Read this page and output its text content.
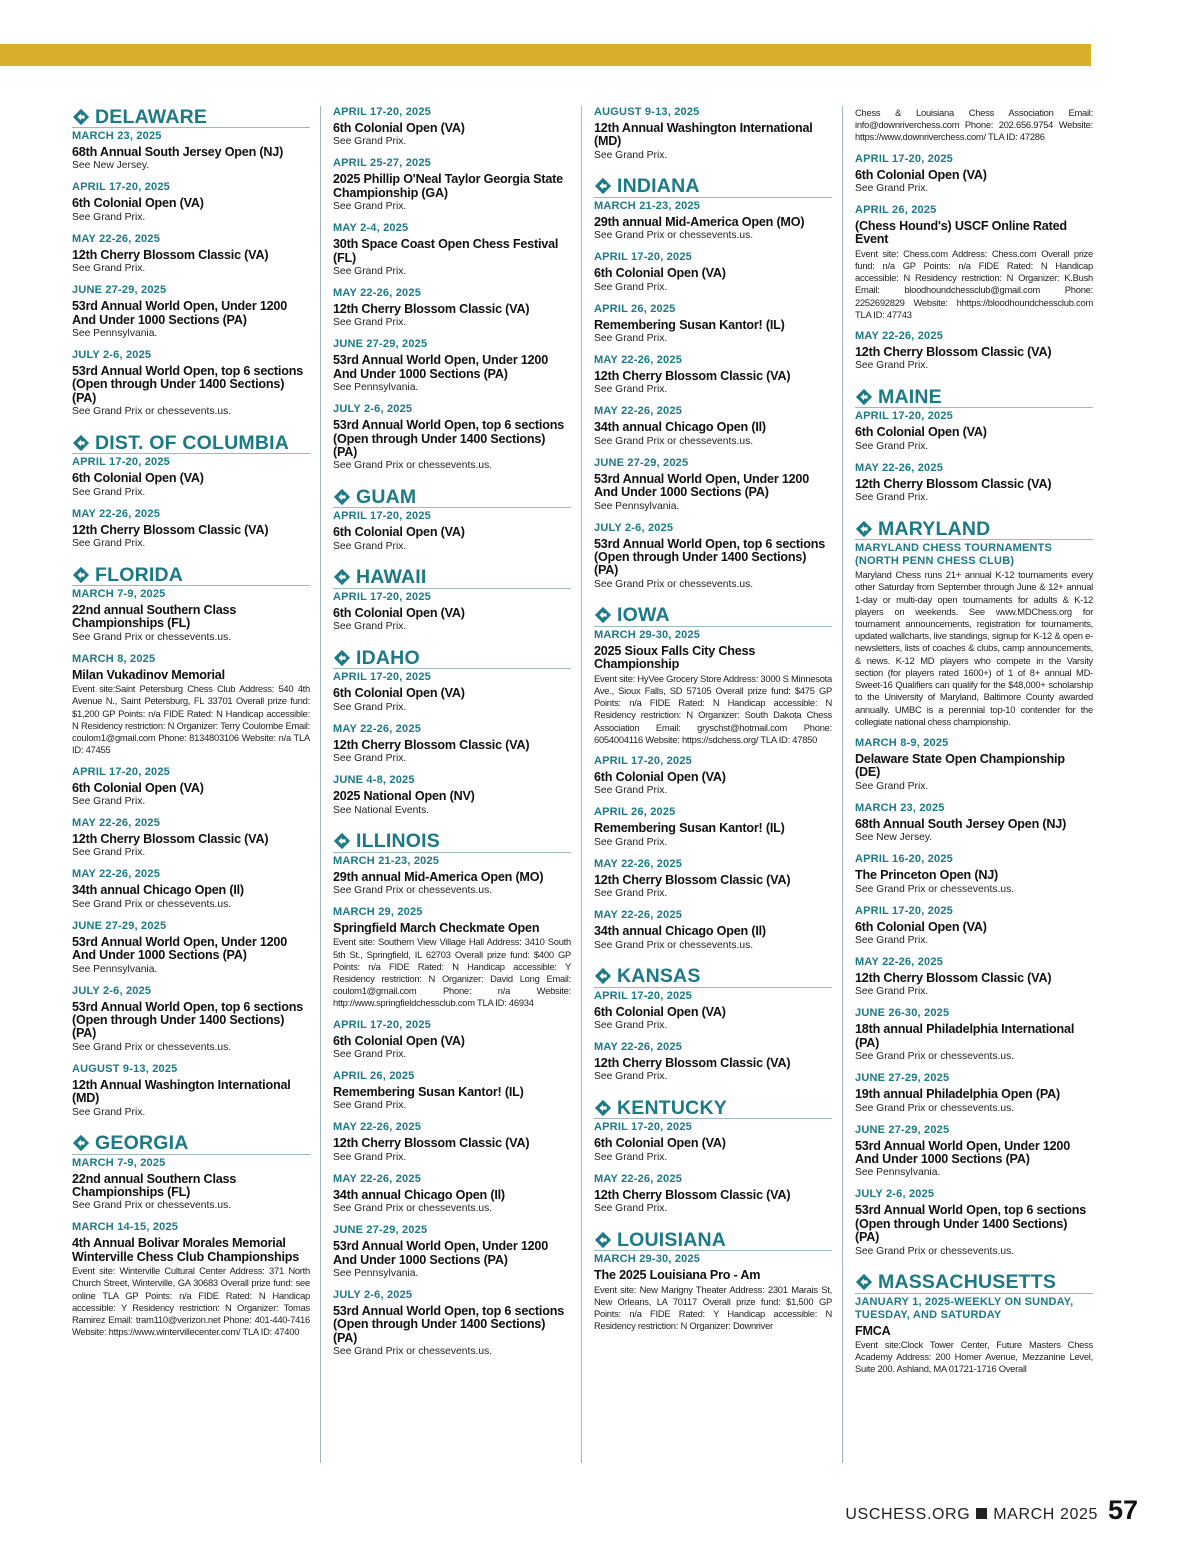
DELAWARE
MARCH 23, 2025
68th Annual South Jersey Open (NJ)
See New Jersey.
APRIL 17-20, 2025
6th Colonial Open (VA)
See Grand Prix.
MAY 22-26, 2025
12th Cherry Blossom Classic (VA)
See Grand Prix.
JUNE 27-29, 2025
53rd Annual World Open, Under 1200 And Under 1000 Sections (PA)
See Pennsylvania.
JULY 2-6, 2025
53rd Annual World Open, top 6 sections (Open through Under 1400 Sections) (PA)
See Grand Prix or chessevents.us.
DIST. OF COLUMBIA
APRIL 17-20, 2025
6th Colonial Open (VA)
See Grand Prix.
MAY 22-26, 2025
12th Cherry Blossom Classic (VA)
See Grand Prix.
FLORIDA
MARCH 7-9, 2025
22nd annual Southern Class Championships (FL)
See Grand Prix or chessevents.us.
MARCH 8, 2025
Milan Vukadinov Memorial
Event site:Saint Petersburg Chess Club Address: 540 4th Avenue N., Saint Petersburg, FL 33701 Overall prize fund: $1,200 GP Points: n/a FIDE Rated: N Handicap accessible: N Residency restriction: N Organizer: Terry Coulombe Email: coulom1@gmail.com Phone: 8134803106 Website: n/a TLA ID: 47455
APRIL 17-20, 2025
6th Colonial Open (VA)
See Grand Prix.
MAY 22-26, 2025
12th Cherry Blossom Classic (VA)
See Grand Prix.
MAY 22-26, 2025
34th annual Chicago Open (Il)
See Grand Prix or chessevents.us.
JUNE 27-29, 2025
53rd Annual World Open, Under 1200 And Under 1000 Sections (PA)
See Pennsylvania.
JULY 2-6, 2025
53rd Annual World Open, top 6 sections (Open through Under 1400 Sections) (PA)
See Grand Prix or chessevents.us.
AUGUST 9-13, 2025
12th Annual Washington International (MD)
See Grand Prix.
GEORGIA
MARCH 7-9, 2025
22nd annual Southern Class Championships (FL)
See Grand Prix or chessevents.us.
MARCH 14-15, 2025
4th Annual Bolivar Morales Memorial Winterville Chess Club Championships
Event site: Winterville Cultural Center Address: 371 North Church Street, Winterville, GA 30683 Overall prize fund: see online TLA GP Points: n/a FIDE Rated: N Handicap accessible: Y Residency restriction: N Organizer: Tomas Ramirez Email: tram110@verizon.net Phone: 401-440-7416 Website: https://www.wintervillecenter.com/ TLA ID: 47400
APRIL 17-20, 2025
6th Colonial Open (VA)
See Grand Prix.
APRIL 25-27, 2025
2025 Phillip O'Neal Taylor Georgia State Championship (GA)
See Grand Prix.
MAY 2-4, 2025
30th Space Coast Open Chess Festival (FL)
See Grand Prix.
MAY 22-26, 2025
12th Cherry Blossom Classic (VA)
See Grand Prix.
JUNE 27-29, 2025
53rd Annual World Open, Under 1200 And Under 1000 Sections (PA)
See Pennsylvania.
JULY 2-6, 2025
53rd Annual World Open, top 6 sections (Open through Under 1400 Sections) (PA)
See Grand Prix or chessevents.us.
GUAM
APRIL 17-20, 2025
6th Colonial Open (VA)
See Grand Prix.
HAWAII
APRIL 17-20, 2025
6th Colonial Open (VA)
See Grand Prix.
IDAHO
APRIL 17-20, 2025
6th Colonial Open (VA)
See Grand Prix.
MAY 22-26, 2025
12th Cherry Blossom Classic (VA)
See Grand Prix.
JUNE 4-8, 2025
2025 National Open (NV)
See National Events.
ILLINOIS
MARCH 21-23, 2025
29th annual Mid-America Open (MO)
See Grand Prix or chessevents.us.
MARCH 29, 2025
Springfield March Checkmate Open
Event site: Southern View Village Hall Address: 3410 South 5th St., Springfield, IL 62703 Overall prize fund: $400 GP Points: n/a FIDE Rated: N Handicap accessible: Y Residency restriction: N Organizer: David Long Email: coulom1@gmail.com Phone: n/a Website: http://www.springfieldchessclub.com TLA ID: 46934
APRIL 17-20, 2025
6th Colonial Open (VA)
See Grand Prix.
APRIL 26, 2025
Remembering Susan Kantor! (IL)
See Grand Prix.
MAY 22-26, 2025
12th Cherry Blossom Classic (VA)
See Grand Prix.
MAY 22-26, 2025
34th annual Chicago Open (Il)
See Grand Prix or chessevents.us.
JUNE 27-29, 2025
53rd Annual World Open, Under 1200 And Under 1000 Sections (PA)
See Pennsylvania.
JULY 2-6, 2025
53rd Annual World Open, top 6 sections (Open through Under 1400 Sections) (PA)
See Grand Prix or chessevents.us.
AUGUST 9-13, 2025
12th Annual Washington International (MD)
See Grand Prix.
INDIANA
MARCH 21-23, 2025
29th annual Mid-America Open (MO)
See Grand Prix or chessevents.us.
APRIL 17-20, 2025
6th Colonial Open (VA)
See Grand Prix.
APRIL 26, 2025
Remembering Susan Kantor! (IL)
See Grand Prix.
MAY 22-26, 2025
12th Cherry Blossom Classic (VA)
See Grand Prix.
MAY 22-26, 2025
34th annual Chicago Open (Il)
See Grand Prix or chessevents.us.
JUNE 27-29, 2025
53rd Annual World Open, Under 1200 And Under 1000 Sections (PA)
See Pennsylvania.
JULY 2-6, 2025
53rd Annual World Open, top 6 sections (Open through Under 1400 Sections) (PA)
See Grand Prix or chessevents.us.
IOWA
MARCH 29-30, 2025
2025 Sioux Falls City Chess Championship
Event site: HyVee Grocery Store Address: 3000 S Minnesota Ave., Sioux Falls, SD 57105 Overall prize fund: $475 GP Points: n/a FIDE Rated: N Handicap accessible: N Residency restriction: N Organizer: South Dakota Chess Association Email: gryschst@hotmail.com Phone: 6054004116 Website: https://sdchess.org/ TLA ID: 47850
APRIL 17-20, 2025
6th Colonial Open (VA)
See Grand Prix.
APRIL 26, 2025
Remembering Susan Kantor! (IL)
See Grand Prix.
MAY 22-26, 2025
12th Cherry Blossom Classic (VA)
See Grand Prix.
MAY 22-26, 2025
34th annual Chicago Open (Il)
See Grand Prix or chessevents.us.
KANSAS
APRIL 17-20, 2025
6th Colonial Open (VA)
See Grand Prix.
MAY 22-26, 2025
12th Cherry Blossom Classic (VA)
See Grand Prix.
KENTUCKY
APRIL 17-20, 2025
6th Colonial Open (VA)
See Grand Prix.
MAY 22-26, 2025
12th Cherry Blossom Classic (VA)
See Grand Prix.
LOUISIANA
MARCH 29-30, 2025
The 2025 Louisiana Pro - Am
Event site: New Marigny Theater Address: 2301 Marais St, New Orleans, LA 70117 Overall prize fund: $1,500 GP Points: n/a FIDE Rated: Y Handicap accessible: N Residency restriction: N Organizer: Downriver
Chess & Louisiana Chess Association Email: info@downriverchess.com Phone: 202.656.9754 Website: https://www.downriverchess.com/ TLA ID: 47286
APRIL 17-20, 2025
6th Colonial Open (VA)
See Grand Prix.
APRIL 26, 2025
(Chess Hound's) USCF Online Rated Event
Event site: Chess.com Address: Chess.com Overall prize fund: n/a GP Points: n/a FIDE Rated: N Handicap accessible: N Residency restriction: N Organizer: K.Bush Email: bloodhoundchessclub@gmail.com Phone: 2252692829 Website: hhttps://bloodhoundchessclub.com TLA ID: 47743
MAY 22-26, 2025
12th Cherry Blossom Classic (VA)
See Grand Prix.
MAINE
APRIL 17-20, 2025
6th Colonial Open (VA)
See Grand Prix.
MAY 22-26, 2025
12th Cherry Blossom Classic (VA)
See Grand Prix.
MARYLAND
MARYLAND CHESS TOURNAMENTS (NORTH PENN CHESS CLUB)
Maryland Chess runs 21+ annual K-12 tournaments every other Saturday from September through June & 12+ annual 1-day or multi-day open tournaments for adults & K-12 players on weekends. See www.MDChess.org for tournament announcements, registration for tournaments, updated wallcharts, live standings, signup for K-12 & open e-newsletters, lists of coaches & clubs, camp announcements, & news. K-12 MD players who compete in the Varsity section (for players rated 1600+) of 1 of 8+ annual MD-Sweet-16 Qualifiers can qualify for the $48,000+ scholarship to the University of Maryland, Baltimore County awarded annually. UMBC is a perennial top-10 contender for the collegiate national chess championship.
MARCH 8-9, 2025
Delaware State Open Championship (DE)
See Grand Prix.
MARCH 23, 2025
68th Annual South Jersey Open (NJ)
See New Jersey.
APRIL 16-20, 2025
The Princeton Open (NJ)
See Grand Prix or chessevents.us.
APRIL 17-20, 2025
6th Colonial Open (VA)
See Grand Prix.
MAY 22-26, 2025
12th Cherry Blossom Classic (VA)
See Grand Prix.
JUNE 26-30, 2025
18th annual Philadelphia International (PA)
See Grand Prix or chessevents.us.
JUNE 27-29, 2025
19th annual Philadelphia Open (PA)
See Grand Prix or chessevents.us.
JUNE 27-29, 2025
53rd Annual World Open, Under 1200 And Under 1000 Sections (PA)
See Pennsylvania.
JULY 2-6, 2025
53rd Annual World Open, top 6 sections (Open through Under 1400 Sections) (PA)
See Grand Prix or chessevents.us.
MASSACHUSETTS
JANUARY 1, 2025-WEEKLY ON SUNDAY, TUESDAY, AND SATURDAY
FMCA
Event site:Clock Tower Center, Future Masters Chess Academy Address: 200 Homer Avenue, Mezzanine Level, Suite 200. Ashland, MA 01721-1716 Overall
USCHESS.ORG MARCH 2025 57
